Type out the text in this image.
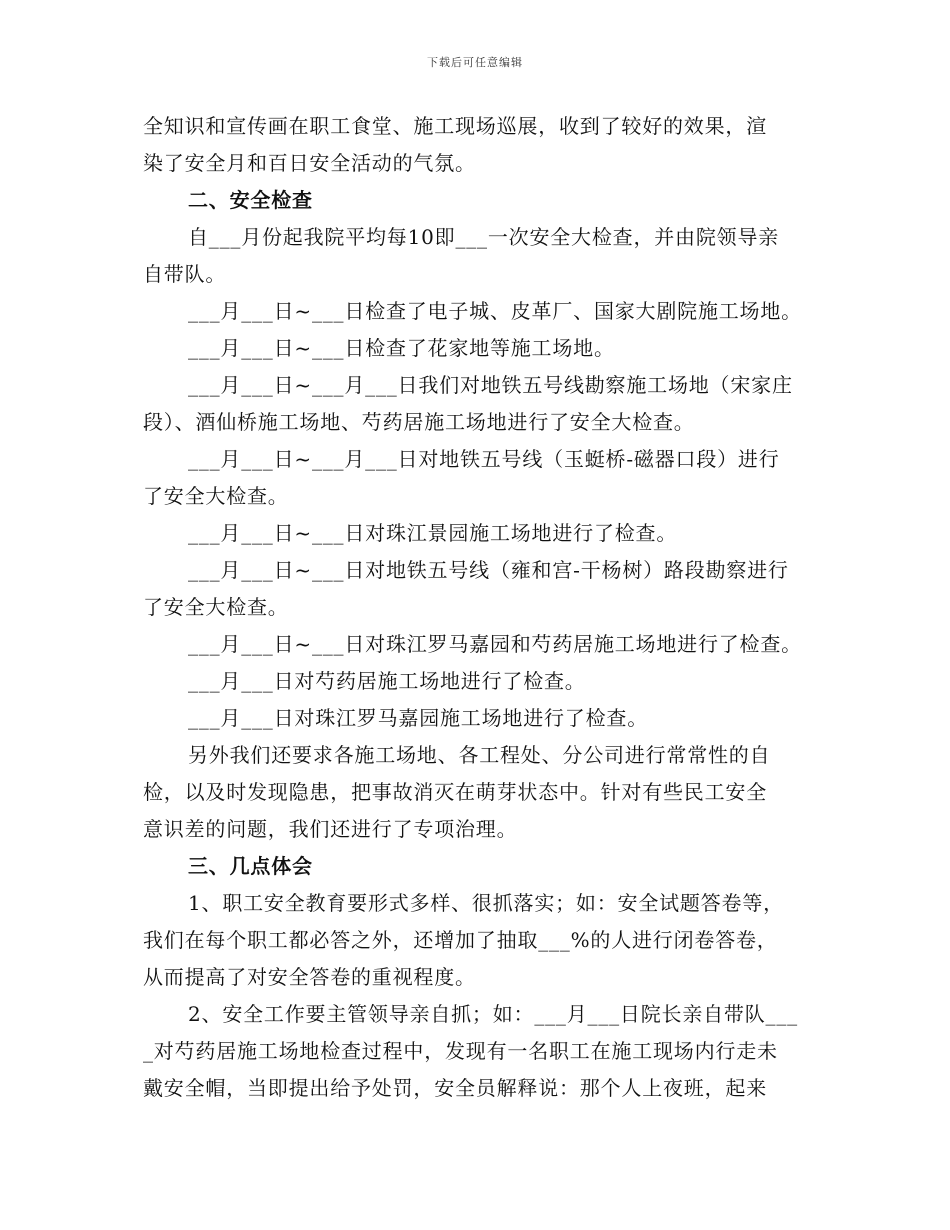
下载后可任意编辑
全知识和宣传画在职工食堂、施工现场巡展，收到了较好的效果，渲
染了安全月和百日安全活动的气氛。
二、安全检查
自___月份起我院平均每10即___一次安全大检查，并由院领导亲
自带队。
___月___日~___日检查了电子城、皮革厂、国家大剧院施工场地。
___月___日~___日检查了花家地等施工场地。
___月___日~___月___日我们对地铁五号线勘察施工场地（宋家庄
段）、酒仙桥施工场地、芍药居施工场地进行了安全大检查。
___月___日~___月___日对地铁五号线（玉蜓桥-磁器口段）进行
了安全大检查。
___月___日~___日对珠江景园施工场地进行了检查。
___月___日~___日对地铁五号线（雍和宫-干杨树）路段勘察进行
了安全大检查。
___月___日~___日对珠江罗马嘉园和芍药居施工场地进行了检查。
___月___日对芍药居施工场地进行了检查。
___月___日对珠江罗马嘉园施工场地进行了检查。
另外我们还要求各施工场地、各工程处、分公司进行常常性的自
检，以及时发现隐患，把事故消灭在萌芽状态中。针对有些民工安全
意识差的问题，我们还进行了专项治理。
三、几点体会
1、职工安全教育要形式多样、很抓落实；如：安全试题答卷等，
我们在每个职工都必答之外，还增加了抽取___%的人进行闭卷答卷，
从而提高了对安全答卷的重视程度。
2、安全工作要主管领导亲自抓；如：___月___日院长亲自带队___
_对芍药居施工场地检查过程中，发现有一名职工在施工现场内行走未
戴安全帽，当即提出给予处罚，安全员解释说：那个人上夜班，起来
